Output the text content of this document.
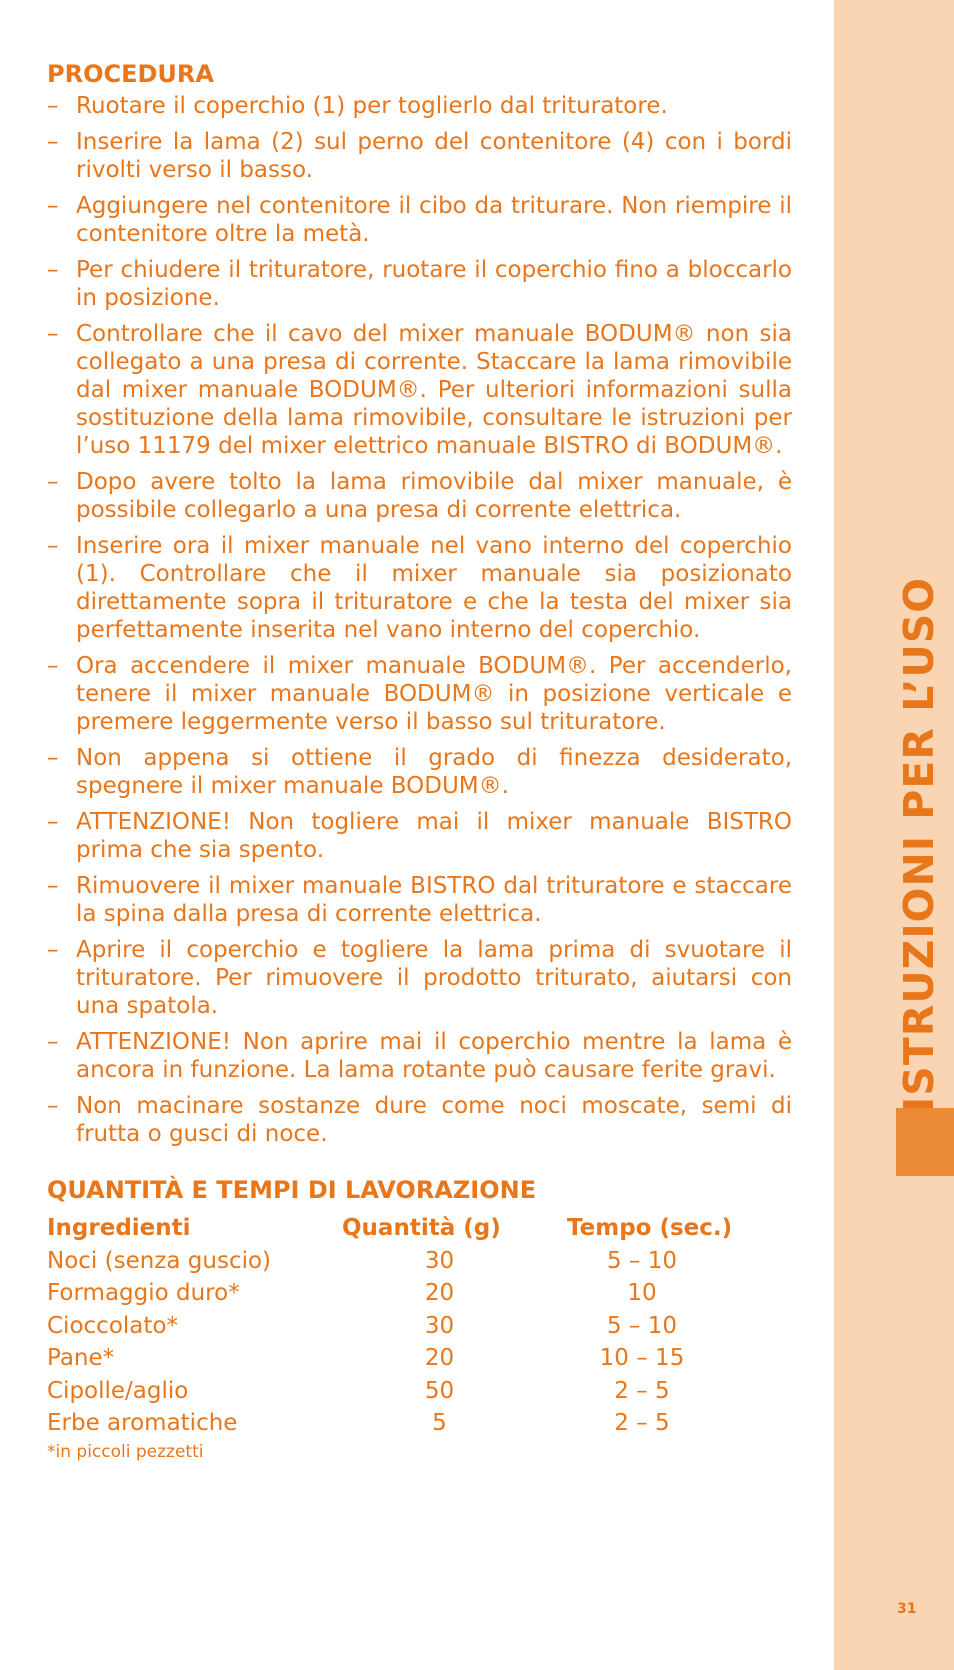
ISTRUZIONI PER L’USO
31
PROCEDURA
– Ruotare il coperchio (1) per toglierlo dal trituratore.
– Inserire la lama (2) sul perno del contenitore (4) con i bordi rivolti verso il basso.
– Aggiungere nel contenitore il cibo da triturare. Non riempire il contenitore oltre la metà.
– Per chiudere il trituratore, ruotare il coperchio fino a bloccarlo in posizione.
– Controllare che il cavo del mixer manuale BODUM® non sia collegato a una presa di corrente. Staccare la lama rimovibile dal mixer manuale BODUM®. Per ulteriori informazioni sulla sostituzione della lama rimovibile, consultare le istruzioni per l’uso 11179 del mixer elettrico manuale BISTRO di BODUM®.
– Dopo avere tolto la lama rimovibile dal mixer manuale, è possibile collegarlo a una presa di corrente elettrica.
– Inserire ora il mixer manuale nel vano interno del coperchio (1). Controllare che il mixer manuale sia posizionato direttamente sopra il trituratore e che la testa del mixer sia perfettamente inserita nel vano interno del coperchio.
– Ora accendere il mixer manuale BODUM®. Per accenderlo, tenere il mixer manuale BODUM® in posizione verticale e premere leggermente verso il basso sul trituratore.
– Non appena si ottiene il grado di finezza desiderato, spegnere il mixer manuale BODUM®.
– ATTENZIONE! Non togliere mai il mixer manuale BISTRO prima che sia spento.
– Rimuovere il mixer manuale BISTRO dal trituratore e staccare la spina dalla presa di corrente elettrica.
– Aprire il coperchio e togliere la lama prima di svuotare il trituratore. Per rimuovere il prodotto triturato, aiutarsi con una spatola.
– ATTENZIONE! Non aprire mai il coperchio mentre la lama è ancora in funzione. La lama rotante può causare ferite gravi.
– Non macinare sostanze dure come noci moscate, semi di frutta o gusci di noce.
QUANTITÀ E TEMPI DI LAVORAZIONE
Ingredienti	Quantità (g)	Tempo (sec.)
Noci (senza guscio)	30	5 – 10
Formaggio duro*	20	10
Cioccolato*	30	5 – 10
Pane*	20	10 – 15
Cipolle/aglio	50	2 – 5
Erbe aromatiche	5	2 – 5
*in piccoli pezzetti
